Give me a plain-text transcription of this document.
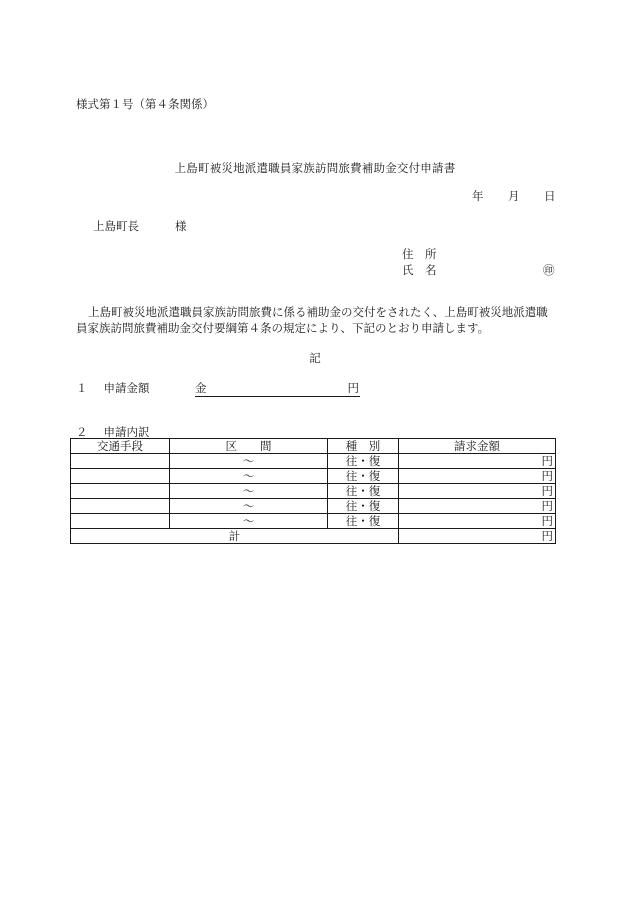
様式第１号（第４条関係）
上島町被災地派遣職員家族訪問旅費補助金交付申請書
年 月 日
上島町長	様
住　所
氏　名	㊞
上島町被災地派遣職員家族訪問旅費に係る補助金の交付をされたく、上島町被災地派遣職員家族訪問旅費補助金交付要綱第４条の規定により、下記のとおり申請します。
記
１ 申請金額	金	円
２ 申請内訳
交通手段	区　　間	種　別	請求金額
	～	往・復	円
	～	往・復	円
	～	往・復	円
	～	往・復	円
	～	往・復	円
計			円
